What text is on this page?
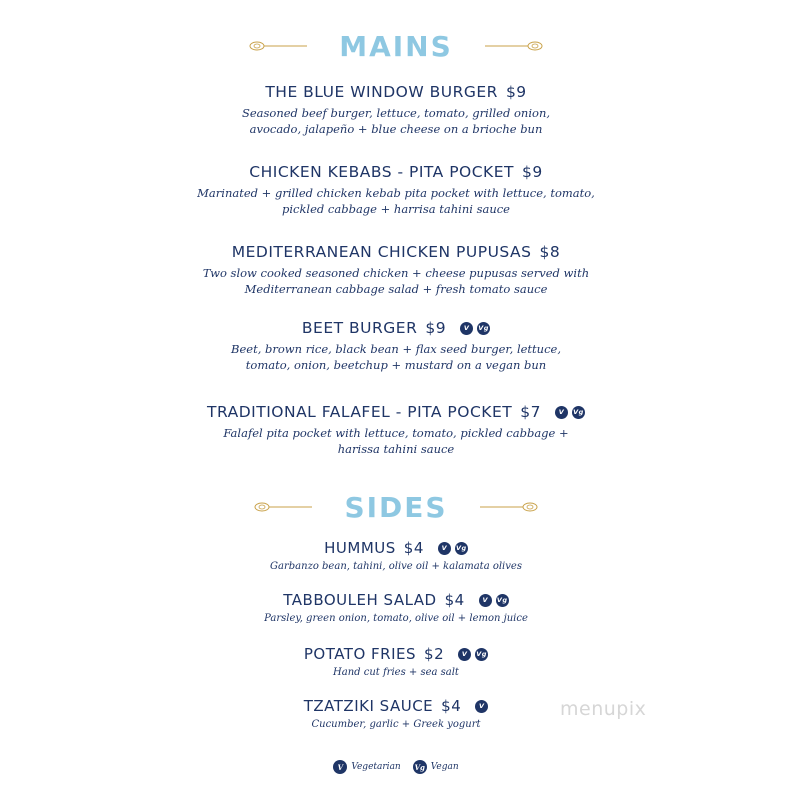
MAINS
THE BLUE WINDOW BURGER $9
Seasoned beef burger, lettuce, tomato, grilled onion,
avocado, jalapeño + blue cheese on a brioche bun
CHICKEN KEBABS - PITA POCKET $9
Marinated + grilled chicken kebab pita pocket with lettuce, tomato,
pickled cabbage + harrisa tahini sauce
MEDITERRANEAN CHICKEN PUPUSAS $8
Two slow cooked seasoned chicken + cheese pupusas served with
Mediterranean cabbage salad + fresh tomato sauce
BEET BURGER $9	V	Vg
Beet, brown rice, black bean + flax seed burger, lettuce,
tomato, onion, beetchup + mustard on a vegan bun
TRADITIONAL FALAFEL - PITA POCKET $7	V	Vg
Falafel pita pocket with lettuce, tomato, pickled cabbage +
harissa tahini sauce
SIDES
HUMMUS $4	V	Vg
Garbanzo bean, tahini, olive oil + kalamata olives
TABBOULEH SALAD $4	V	Vg
Parsley, green onion, tomato, olive oil + lemon juice
POTATO FRIES $2	V	Vg
Hand cut fries + sea salt
TZATZIKI SAUCE $4	V
Cucumber, garlic + Greek yogurt
menupix
V Vegetarian Vg Vegan
